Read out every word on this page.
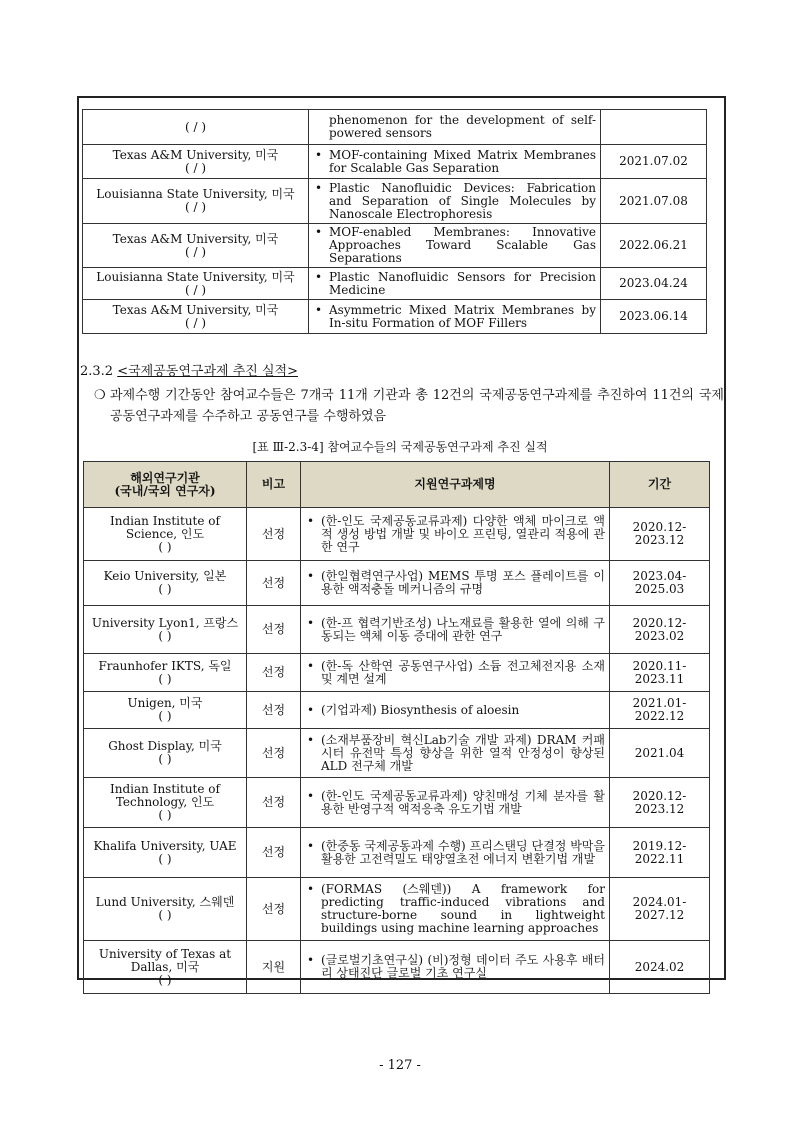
( / )	phenomenon for the development of self-powered sensors	

Texas A&M University, 미국
( / )	• MOF-containing Mixed Matrix Membranes for Scalable Gas Separation	2021.07.02
Louisianna State University, 미국
( / )	• Plastic Nanofluidic Devices: Fabrication and Separation of Single Molecules by Nanoscale Electrophoresis	2021.07.08
Texas A&M University, 미국
( / )	• MOF-enabled Membranes: Innovative Approaches Toward Scalable Gas Separations	2022.06.21
Louisianna State University, 미국
( / )	• Plastic Nanofluidic Sensors for Precision Medicine	2023.04.24
Texas A&M University, 미국
( / )	• Asymmetric Mixed Matrix Membranes by In-situ Formation of MOF Fillers	2023.06.14
2.3.2 <국제공동연구과제 추진 실적>
❍ 과제수행 기간동안 참여교수들은 7개국 11개 기관과 총 12건의 국제공동연구과제를 추진하여 11건의 국제공동연구과제를 수주하고 공동연구를 수행하였음
[표 Ⅲ-2.3-4] 참여교수들의 국제공동연구과제 추진 실적
해외연구기관
(국내/국외 연구자)	비고	지원연구과제명	기간
Indian Institute of Science, 인도
( )	선정	• (한-인도 국제공동교류과제) 다양한 액체 마이크로 액적 생성 방법 개발 및 바이오 프린팅, 열관리 적용에 관한 연구	2020.12-2023.12
Keio University, 일본
( )	선정	• (한일협력연구사업) MEMS 투명 포스 플레이트를 이용한 액적충돌 메커니즘의 규명	2023.04-2025.03
University Lyon1, 프랑스
( )	선정	• (한-프 협력기반조성) 나노재료를 활용한 열에 의해 구동되는 액체 이동 증대에 관한 연구	2020.12-2023.02
Fraunhofer IKTS, 독일
( )	선정	• (한-독 산학연 공동연구사업) 소듐 전고체전지용 소재 및 계면 설계	2020.11-2023.11
Unigen, 미국
( )	선정	• (기업과제) Biosynthesis of aloesin	2021.01-2022.12
Ghost Display, 미국
( )	선정	• (소재부품장비 혁신Lab기술 개발 과제) DRAM 커패시터 유전막 특성 향상을 위한 열적 안정성이 향상된 ALD 전구체 개발	2021.04
Indian Institute of Technology, 인도
( )	선정	• (한-인도 국제공동교류과제) 양친매성 기체 분자를 활용한 반영구적 액적응축 유도기법 개발	2020.12-2023.12
Khalifa University, UAE
( )	선정	• (한중동 국제공동과제 수행) 프리스탠딩 단결정 박막을 활용한 고전력밀도 태양열초전 에너지 변환기법 개발	2019.12-2022.11
Lund University, 스웨덴
( )	선정	• (FORMAS (스웨덴)) A framework for predicting traffic-induced vibrations and structure-borne sound in lightweight buildings using machine learning approaches	2024.01-2027.12
University of Texas at Dallas, 미국
( )	지원	• (글로벌기초연구실) (비)정형 데이터 주도 사용후 배터리 상태진단 글로벌 기초 연구실	2024.02
- 127 -
